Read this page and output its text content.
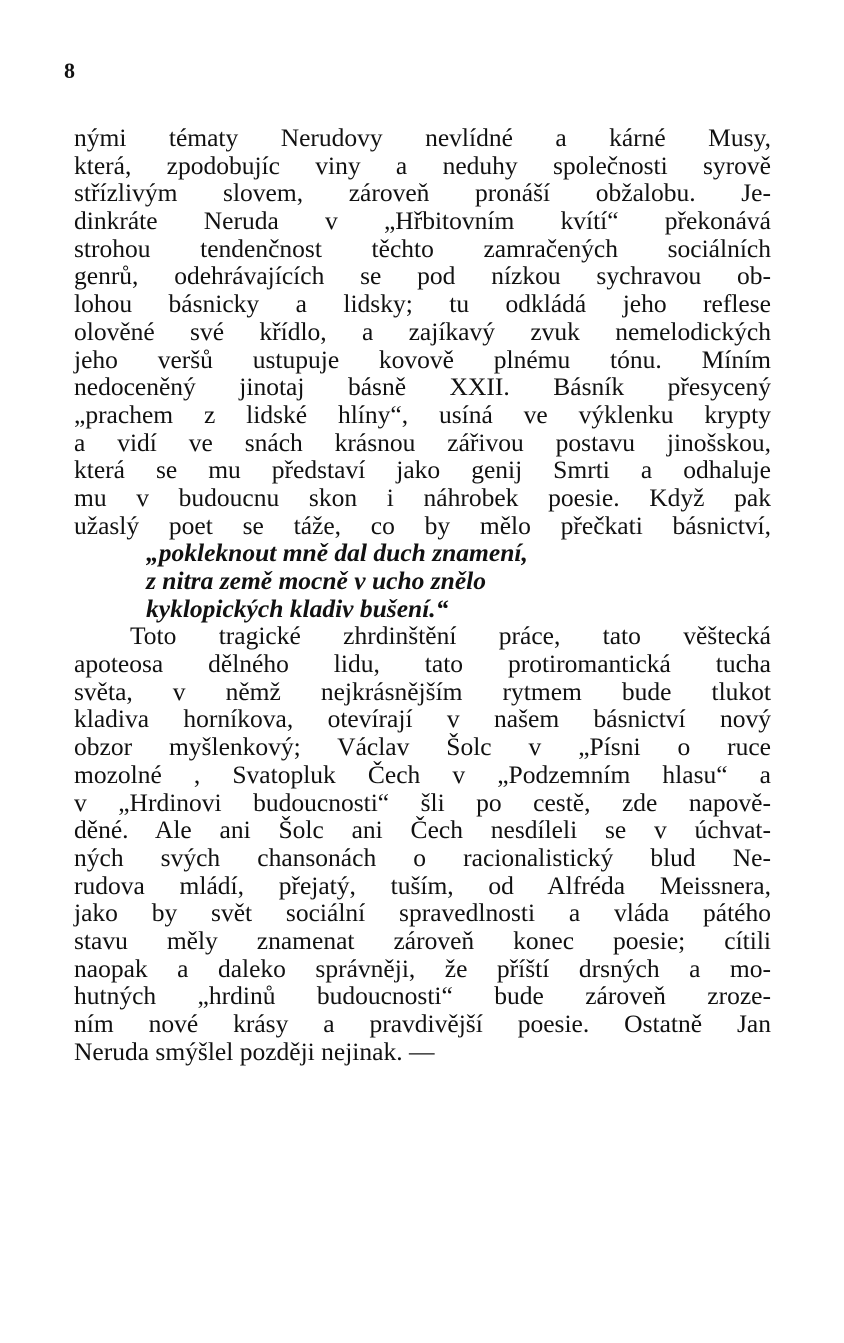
8
nými tématy Nerudovy nevlídné a kárné Musy,
která, zpodobujíc viny a neduhy společnosti syrově
střízlivým slovem, zároveň pronáší obžalobu. Je-
dinkráte Neruda v „Hřbitovním kvítí“ překonává
strohou tendenčnost těchto zamračených sociálních
genrů, odehrávajících se pod nízkou sychravou ob-
lohou básnicky a lidsky; tu odkládá jeho reflese
olověné své křídlo, a zajíkavý zvuk nemelodických
jeho veršů ustupuje kovově plnému tónu. Míním
nedoceněný jinotaj básně XXII. Básník přesycený
„prachem z lidské hlíny“, usíná ve výklenku krypty
a vidí ve snách krásnou zářivou postavu jinošskou,
která se mu představí jako genij Smrti a odhaluje
mu v budoucnu skon i náhrobek poesie. Když pak
užaslý poet se táže, co by mělo přečkati básnictví,
„pokleknout mně dal duch znamení,
z nitra země mocně v ucho znělo
kyklopických kladiv bušení.“
Toto tragické zhrdinštění práce, tato věštecká
apoteosa dělného lidu, tato protiromantická tucha
světa, v němž nejkrásnějším rytmem bude tlukot
kladiva horníkova, otevírají v našem básnictví nový
obzor myšlenkový; Václav Šolc v „Písni o ruce
mozolné , Svatopluk Čech v „Podzemním hlasu“ a
v „Hrdinovi budoucnosti“ šli po cestě, zde napově-
děné. Ale ani Šolc ani Čech nesdíleli se v úchvat-
ných svých chansonách o racionalistický blud Ne-
rudova mládí, přejatý, tuším, od Alfréda Meissnera,
jako by svět sociální spravedlnosti a vláda pátého
stavu měly znamenat zároveň konec poesie; cítili
naopak a daleko správněji, že příští drsných a mo-
hutných „hrdinů budoucnosti“ bude zároveň zroze-
ním nové krásy a pravdivější poesie. Ostatně Jan
Neruda smýšlel později nejinak. —
